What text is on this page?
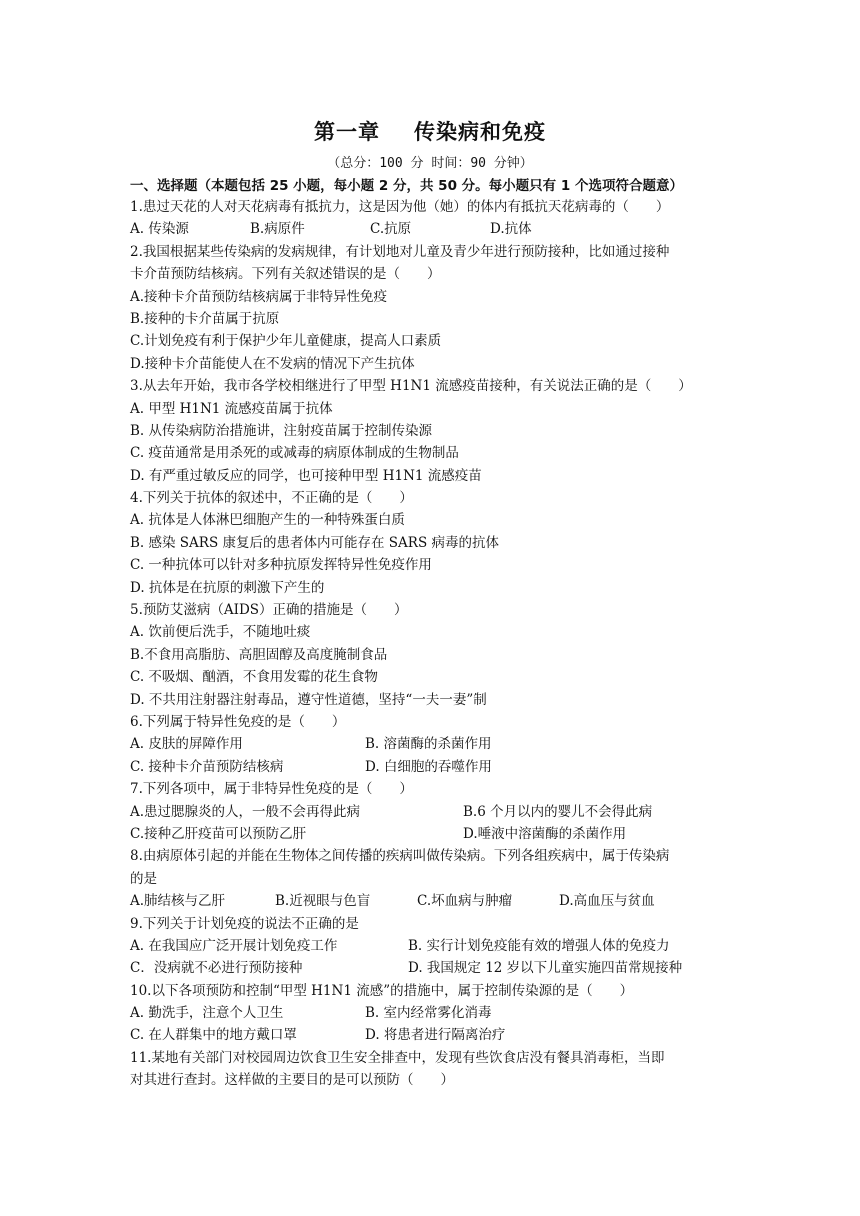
第一章 传染病和免疫
（总分：100 分 时间：90 分钟）
一、选择题（本题包括 25 小题，每小题 2 分，共 50 分。每小题只有 1 个选项符合题意）
1.患过天花的人对天花病毒有抵抗力，这是因为他（她）的体内有抵抗天花病毒的（　　）
A. 传染源	B.病原件	C.抗原	D.抗体
2.我国根据某些传染病的发病规律，有计划地对儿童及青少年进行预防接种，比如通过接种
卡介苗预防结核病。下列有关叙述错误的是（　　）
A.接种卡介苗预防结核病属于非特异性免疫
B.接种的卡介苗属于抗原
C.计划免疫有利于保护少年儿童健康，提高人口素质
D.接种卡介苗能使人在不发病的情况下产生抗体
3.从去年开始，我市各学校相继进行了甲型 H1N1 流感疫苗接种，有关说法正确的是（　　）
A. 甲型 H1N1 流感疫苗属于抗体
B. 从传染病防治措施讲，注射疫苗属于控制传染源
C. 疫苗通常是用杀死的或减毒的病原体制成的生物制品
D. 有严重过敏反应的同学，也可接种甲型 H1N1 流感疫苗
4.下列关于抗体的叙述中，不正确的是（　　）
A. 抗体是人体淋巴细胞产生的一种特殊蛋白质
B. 感染 SARS 康复后的患者体内可能存在 SARS 病毒的抗体
C. 一种抗体可以针对多种抗原发挥特异性免疫作用
D. 抗体是在抗原的刺激下产生的
5.预防艾滋病（AIDS）正确的措施是（　　）
A. 饮前便后洗手，不随地吐痰
B.不食用高脂肪、高胆固醇及高度腌制食品
C. 不吸烟、酗酒，不食用发霉的花生食物
D. 不共用注射器注射毒品，遵守性道德，坚持“一夫一妻”制
6.下列属于特异性免疫的是（　　）
A. 皮肤的屏障作用	B. 溶菌酶的杀菌作用
C. 接种卡介苗预防结核病	D. 白细胞的吞噬作用
7.下列各项中，属于非特异性免疫的是（　　）
A.患过腮腺炎的人，一般不会再得此病	B.6 个月以内的婴儿不会得此病
C.接种乙肝疫苗可以预防乙肝	D.唾液中溶菌酶的杀菌作用
8.由病原体引起的并能在生物体之间传播的疾病叫做传染病。下列各组疾病中，属于传染病
的是
A.肺结核与乙肝	B.近视眼与色盲	C.坏血病与肿瘤	D.高血压与贫血
9.下列关于计划免疫的说法不正确的是
A. 在我国应广泛开展计划免疫工作	B. 实行计划免疫能有效的增强人体的免疫力
C．没病就不必进行预防接种	D. 我国规定 12 岁以下儿童实施四苗常规接种
10.以下各项预防和控制“甲型 H1N1 流感”的措施中，属于控制传染源的是（　　）
A. 勤洗手，注意个人卫生	B. 室内经常雾化消毒
C. 在人群集中的地方戴口罩	D. 将患者进行隔离治疗
11.某地有关部门对校园周边饮食卫生安全排查中，发现有些饮食店没有餐具消毒柜，当即
对其进行查封。这样做的主要目的是可以预防（　　）
